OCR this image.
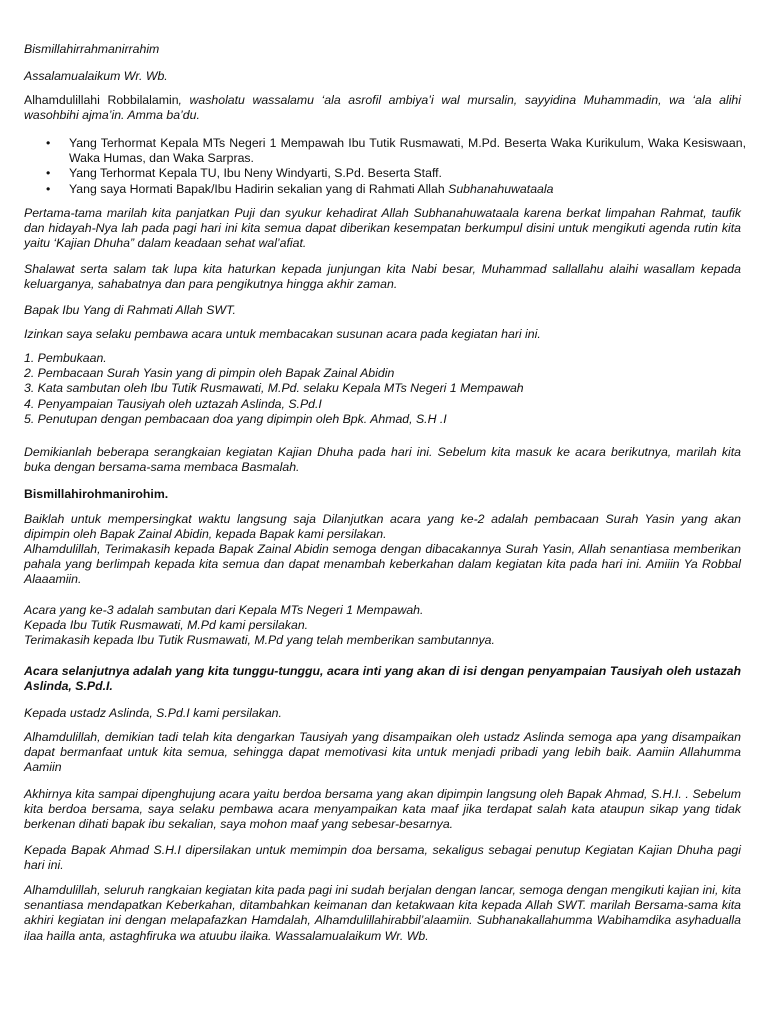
Bismillahirrahmanirrahim

Assalamualaikum Wr. Wb.

Alhamdulillahi Robbilalamin, washolatu wassalamu ‘ala asrofil ambiya’i wal mursalin, sayyidina Muhammadin, wa ‘ala alihi wasohbihi ajma’in. Amma ba’du.

• Yang Terhormat Kepala MTs Negeri 1 Mempawah Ibu Tutik Rusmawati, M.Pd. Beserta Waka Kurikulum, Waka Kesiswaan, Waka Humas, dan Waka Sarpras.
• Yang Terhormat Kepala TU, Ibu Neny Windyarti, S.Pd. Beserta Staff.
• Yang saya Hormati Bapak/Ibu Hadirin sekalian yang di Rahmati Allah Subhanahuwataala

Pertama-tama marilah kita panjatkan Puji dan syukur kehadirat Allah Subhanahuwataala karena berkat limpahan Rahmat, taufik dan hidayah-Nya lah pada pagi hari ini kita semua dapat diberikan kesempatan berkumpul disini untuk mengikuti agenda rutin kita yaitu ‘Kajian Dhuha” dalam keadaan sehat wal’afiat.

Shalawat serta salam tak lupa kita haturkan kepada junjungan kita Nabi besar, Muhammad sallallahu alaihi wasallam kepada keluarganya, sahabatnya dan para pengikutnya hingga akhir zaman.

Bapak Ibu Yang di Rahmati Allah SWT.

Izinkan saya selaku pembawa acara untuk membacakan susunan acara pada kegiatan hari ini.

1. Pembukaan.
2. Pembacaan Surah Yasin yang di pimpin oleh Bapak Zainal Abidin
3. Kata sambutan oleh Ibu Tutik Rusmawati, M.Pd. selaku Kepala MTs Negeri 1 Mempawah
4. Penyampaian Tausiyah oleh uztazah Aslinda, S.Pd.I
5. Penutupan dengan pembacaan doa yang dipimpin oleh Bpk. Ahmad, S.H .I

Demikianlah beberapa serangkaian kegiatan Kajian Dhuha pada hari ini. Sebelum kita masuk ke acara berikutnya, marilah kita buka dengan bersama-sama membaca Basmalah.

Bismillahirohmanirohim.

Baiklah untuk mempersingkat waktu langsung saja Dilanjutkan acara yang ke-2 adalah pembacaan Surah Yasin yang akan dipimpin oleh Bapak Zainal Abidin, kepada Bapak kami persilakan.

Alhamdulillah, Terimakasih kepada Bapak Zainal Abidin semoga dengan dibacakannya Surah Yasin, Allah senantiasa memberikan pahala yang berlimpah kepada kita semua dan dapat menambah keberkahan dalam kegiatan kita pada hari ini. Amiiin Ya Robbal Alaaamiin.

Acara yang ke-3 adalah sambutan dari Kepala MTs Negeri 1 Mempawah.
Kepada Ibu Tutik Rusmawati, M.Pd kami persilakan.
Terimakasih kepada Ibu Tutik Rusmawati, M.Pd yang telah memberikan sambutannya.

Acara selanjutnya adalah yang kita tunggu-tunggu, acara inti yang akan di isi dengan penyampaian Tausiyah oleh ustazah Aslinda, S.Pd.I.

Kepada ustadz Aslinda, S.Pd.I kami persilakan.

Alhamdulillah, demikian tadi telah kita dengarkan Tausiyah yang disampaikan oleh ustadz Aslinda semoga apa yang disampaikan dapat bermanfaat untuk kita semua, sehingga dapat memotivasi kita untuk menjadi pribadi yang lebih baik. Aamiin Allahumma Aamiin

Akhirnya kita sampai dipenghujung acara yaitu berdoa bersama yang akan dipimpin langsung oleh Bapak Ahmad, S.H.I. . Sebelum kita berdoa bersama, saya selaku pembawa acara menyampaikan kata maaf jika terdapat salah kata ataupun sikap yang tidak berkenan dihati bapak ibu sekalian, saya mohon maaf yang sebesar-besarnya.

Kepada Bapak Ahmad S.H.I dipersilakan untuk memimpin doa bersama, sekaligus sebagai penutup Kegiatan Kajian Dhuha pagi hari ini.

Alhamdulillah, seluruh rangkaian kegiatan kita pada pagi ini sudah berjalan dengan lancar, semoga dengan mengikuti kajian ini, kita senantiasa mendapatkan Keberkahan, ditambahkan keimanan dan ketakwaan kita kepada Allah SWT. marilah Bersama-sama kita akhiri kegiatan ini dengan melapafazkan Hamdalah, Alhamdulillahirabbil’alaamiin. Subhanakallahumma Wabihamdika asyhadualla ilaa hailla anta, astaghfiruka wa atuubu ilaika. Wassalamualaikum Wr. Wb.
